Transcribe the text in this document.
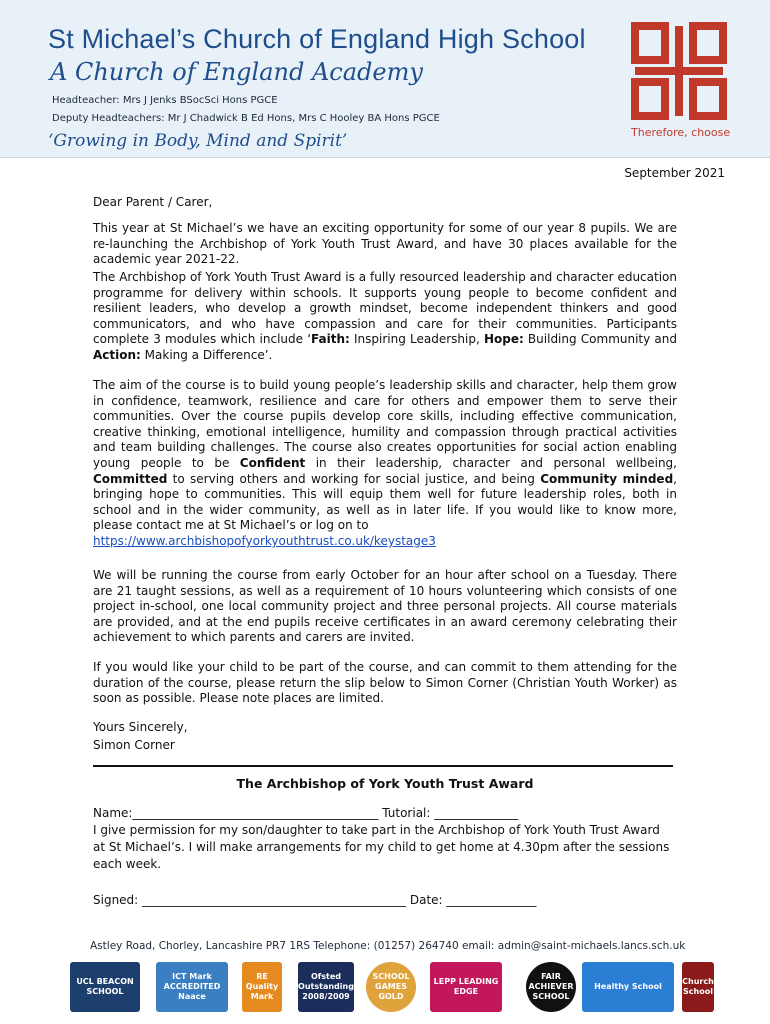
St Michael’s Church of England High School
A Church of England Academy
Headteacher: Mrs J Jenks BSocSci Hons PGCE
Deputy Headteachers: Mr J Chadwick B Ed Hons, Mrs C Hooley BA Hons PGCE
‘Growing in Body, Mind and Spirit’	Therefore, choose
September 2021

Dear Parent / Carer,

This year at St Michael’s we have an exciting opportunity for some of our year 8 pupils. We are re-launching the Archbishop of York Youth Trust Award, and have 30 places available for the academic year 2021-22.

The Archbishop of York Youth Trust Award is a fully resourced leadership and character education programme for delivery within schools. It supports young people to become confident and resilient leaders, who develop a growth mindset, become independent thinkers and good communicators, and who have compassion and care for their communities. Participants complete 3 modules which include ‘Faith: Inspiring Leadership, Hope: Building Community and Action: Making a Difference’.

The aim of the course is to build young people’s leadership skills and character, help them grow in confidence, teamwork, resilience and care for others and empower them to serve their communities. Over the course pupils develop core skills, including effective communication, creative thinking, emotional intelligence, humility and compassion through practical activities and team building challenges. The course also creates opportunities for social action enabling young people to be Confident in their leadership, character and personal wellbeing, Committed to serving others and working for social justice, and being Community minded, bringing hope to communities. This will equip them well for future leadership roles, both in school and in the wider community, as well as in later life. If you would like to know more, please contact me at St Michael’s or log on to
https://www.archbishopofyorkyouthtrust.co.uk/keystage3

We will be running the course from early October for an hour after school on a Tuesday. There are 21 taught sessions, as well as a requirement of 10 hours volunteering which consists of one project in-school, one local community project and three personal projects. All course materials are provided, and at the end pupils receive certificates in an award ceremony celebrating their achievement to which parents and carers are invited.

If you would like your child to be part of the course, and can commit to them attending for the duration of the course, please return the slip below to Simon Corner (Christian Youth Worker) as soon as possible. Please note places are limited.

Yours Sincerely,

Simon Corner

The Archbishop of York Youth Trust Award
Name:_________________________________________ Tutorial: ______________

I give permission for my son/daughter to take part in the Archbishop of York Youth Trust Award at St Michael’s. I will make arrangements for my child to get home at 4.30pm after the sessions each week.

Signed: ____________________________________________ Date: _______________
Astley Road, Chorley, Lancashire PR7 1RS Telephone: (01257) 264740 email: admin@saint-michaels.lancs.sch.uk
UCL BEACON SCHOOL
ICT Mark ACCREDITED Naace
RE Quality Mark
Ofsted Outstanding 2008/2009
SCHOOL GAMES GOLD
LEPP LEADING EDGE
FAIR ACHIEVER SCHOOL
Healthy School
Church School
